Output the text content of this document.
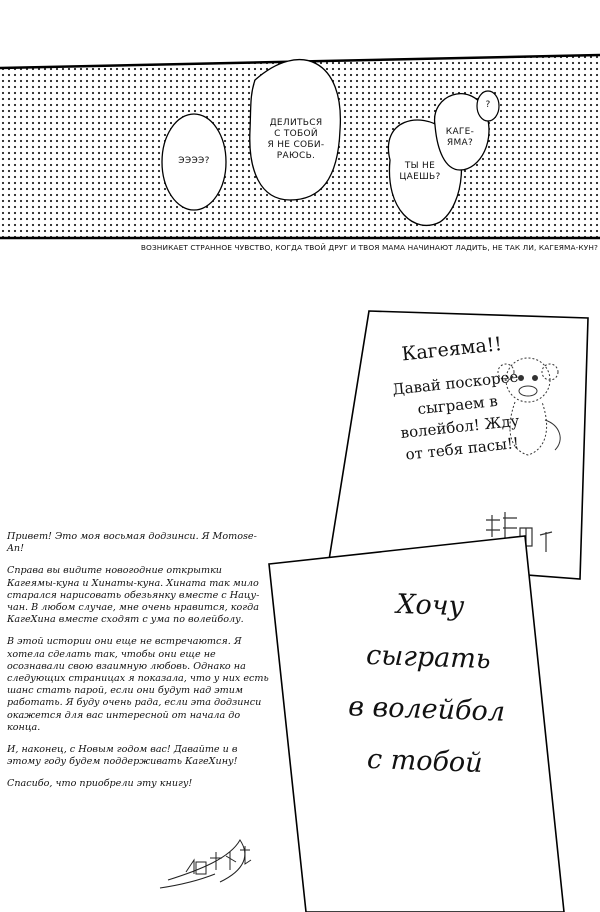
ЭЭЭЭ?
ДЕЛИТЬСЯ
С ТОБОЙ
Я НЕ СОБИ-
РАЮСЬ.
ТЫ НЕ
ЦАЕШЬ?
КАГЕ-
ЯМА?
?
ВОЗНИКАЕТ СТРАННОЕ ЧУВСТВО, КОГДА ТВОЙ ДРУГ И ТВОЯ МАМА НАЧИНАЮТ ЛАДИТЬ, НЕ ТАК ЛИ, КАГЕЯМА-КУН?
Кагеяма!!
Давай поскорее
сыграем в
волейбол! Жду
от тебя пасы!!
Хочу
сыграть
в волейбол
с тобой

Привет! Это моя восьмая додзинси. Я Momose-An!

Справа вы видите новогодние открытки Кагеямы-куна и Хинаты-куна. Хината так мило старался нарисовать обезьянку вместе с Нацу-чан. В любом случае, мне очень нравится, когда КагеХина вместе сходят с ума по волейболу.

В этой истории они еще не встречаются. Я хотела сделать так, чтобы они еще не осознавали свою взаимную любовь. Однако на следующих страницах я показала, что у них есть шанс стать парой, если они будут над этим работать. Я буду очень рада, если эта додзинси окажется для вас интересной от начала до конца.

И, наконец, с Новым годом вас! Давайте и в этому году будем поддерживать КагеХину!

Спасибо, что приобрели эту книгу!
